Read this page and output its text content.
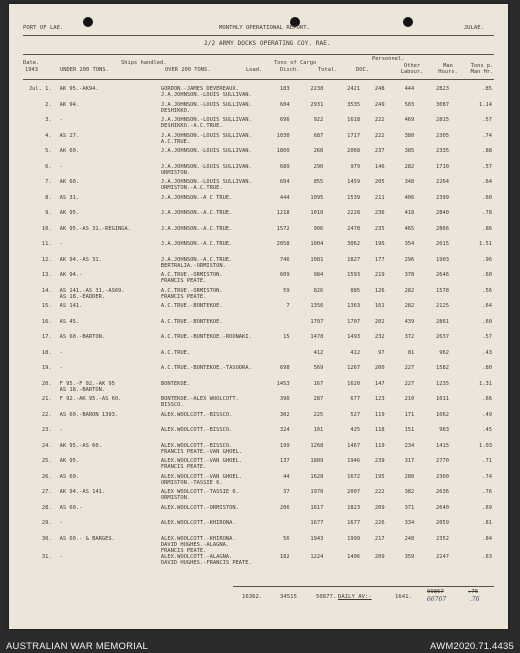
PORT OF LAE.	MONTHLY OPERATIONAL REPORT.	JULAE.
2/2 ARMY DOCKS OPERATING COY. RAE.
Date.
1943
Ships handled.
UNDER 200 TONS.	OVER 200 TONS.
Tons of Cargo
Load.	Disch.	Total.
Personnel.
DOC.
Other Labour.
Man Hours.
Tons p. Man Hr.
Jul. 1.	AK 95.-AK94.	GORDON.-JAMES DEVEREAUX.
J.A.JOHNSON.-LOUIS SULLIVAN.	183	2238	2421	248	444	2823	.85
2.	AK 94.	J.A.JOHNSON.-LOUIS SULLIVAN.
DESHIKKO.	604	2931	3535	249	503	3087	1.14
3.	-	J.A.JOHNSON.-LOUIS SULLIVAN.
DESHIKKO.-A.C.TRUE.	696	922	1618	222	469	2815	.57
4.	AS 27.	J.A.JOHNSON.-LOUIS SULLIVAN.
A.C.TRUE.	1030	687	1717	222	380	2305	.74
5.	AK 60.	J.A.JOHNSON.-LOUIS SULLIVAN.	1800	268	2068	237	385	2335	.88
6.	-	J.A.JOHNSON.-LOUIS SULLIVAN.
ORMISTON.	689	290	979	146	282	1710	.57
7.	AK 60.	J.A.JOHNSON.-LOUIS SULLIVAN.
ORMISTON.-A.C.TRUE.	604	855	1459	205	348	2264	.64
8.	AS 31.	J.A.JOHNSON.-A C TRUE.	444	1095	1539	211	406	2399	.60
9.	AK 95.	J.A.JOHNSON.-A.C.TRUE.	1218	1010	2228	236	418	2840	.78
10.	AK 95.-AS 31.-REGINGA.	J.A.JOHNSON.-A.C.TRUE.	1572	906	2478	235	465	2866	.86
11.	-	J.A.JOHNSON.-A.C.TRUE.	2058	1004	3062	196	354	2015	1.51
12.	AK 94.-AS 31.	J.A.JOHNSON.-A.C.TRUE.
BERTRALIA.-ORMISTON.	746	1081	1827	177	296	1903	.96
13.	AK 94.-	A.C.TRUE.-ORMISTON.
FRANCIS PEATE.	609	984	1593	219	378	2646	.60
14.	AS 141.-AS 31.-AS69.
AS 18.-EADDER.	A.C.TRUE.-ORMISTON.
FRANCIS PEATE.	59	826	885	126	282	1578	.56
15.	AS 141.	A.C.TRUE.-BONTEKOE.	7	1356	1363	161	282	2125	.64
16.	AS 45.	A.C.TRUE.-BONTEKOE.		1707	1707	202	439	2861	.60
17.	AS 60.-BARTON.	A.C.TRUE.-BONTEKOE.-ROONAKI.	15	1478	1493	232	372	2637	.57
18.	-	A.C.TRUE.		412	412	97	81	962	.43
19.	-	A.C.TRUE.-BONTEKOE.-TASOORA.	698	569	1267	200	227	1582	.80
20.	F 95.-F 92.-AK 95
AS 18.-BARTON.	BONTEKOE.	1453	167	1620	147	227	1235	1.31
21.	F 92.-AK 95.-AS 60.	BONTEKOE.-ALEX WOOLCOTT.
BISSCO.	390	287	677	123	210	1011	.66
22.	AS 60.-BARON 1393.	ALEX.WOOLCOTT.-BISSCO.	302	225	527	119	171	1062	.49
23.	-	ALEX.WOOLCOTT.-BISSCO.	324	101	425	118	151	963	.45
24.	AK 95.-AS 60.	ALEX.WOOLCOTT.-BISSCO.
FRANCIS PEATE.-VAN GHOEL.	199	1268	1467	119	234	1415	1.03
25.	AK 95.	ALEX.WOOLCOTT.-VAN GHOEL.
FRANCIS PEATE.	137	1809	1946	239	317	2770	.71
26.	AS 60.	ALEX.WOOLCOTT.-VAN GHOEL.
ORMISTON.-TASSIE 6.	44	1628	1672	195	280	2360	.74
27.	AK 94.-AS 141.	ALEX WOOLCOTT.-TASSIE 6.
ORMISTON.	37	1970	2007	222	382	2636	.76
28.	AS 60.-	ALEX.WOOLCOTT.-ORMISTON.	206	1617	1823	209	371	2640	.69
29.	-	ALEX.WOOLCOTT.-KHIRONA.		1677	1677	226	334	2059	.81
30.	AS 60.- & BARGES.	ALEX.WOOLCOTT.-KHIRONA.
DAVID HUGHES.-ALAGNA.
FRANCIS PEATE.	56	1943	1999	217	248	2352	.84
31.	-	ALEX.WOOLCOTT.-ALAGNA.
DAVID HUGHES.-FRANCIS PEATE.	182	1224	1406	209	359	2247	.63
16362.	34515	50877. DAILY AV:-	1641.
99867
66767
.76
.76
AUSTRALIAN WAR MEMORIAL	AWM2020.71.4435
